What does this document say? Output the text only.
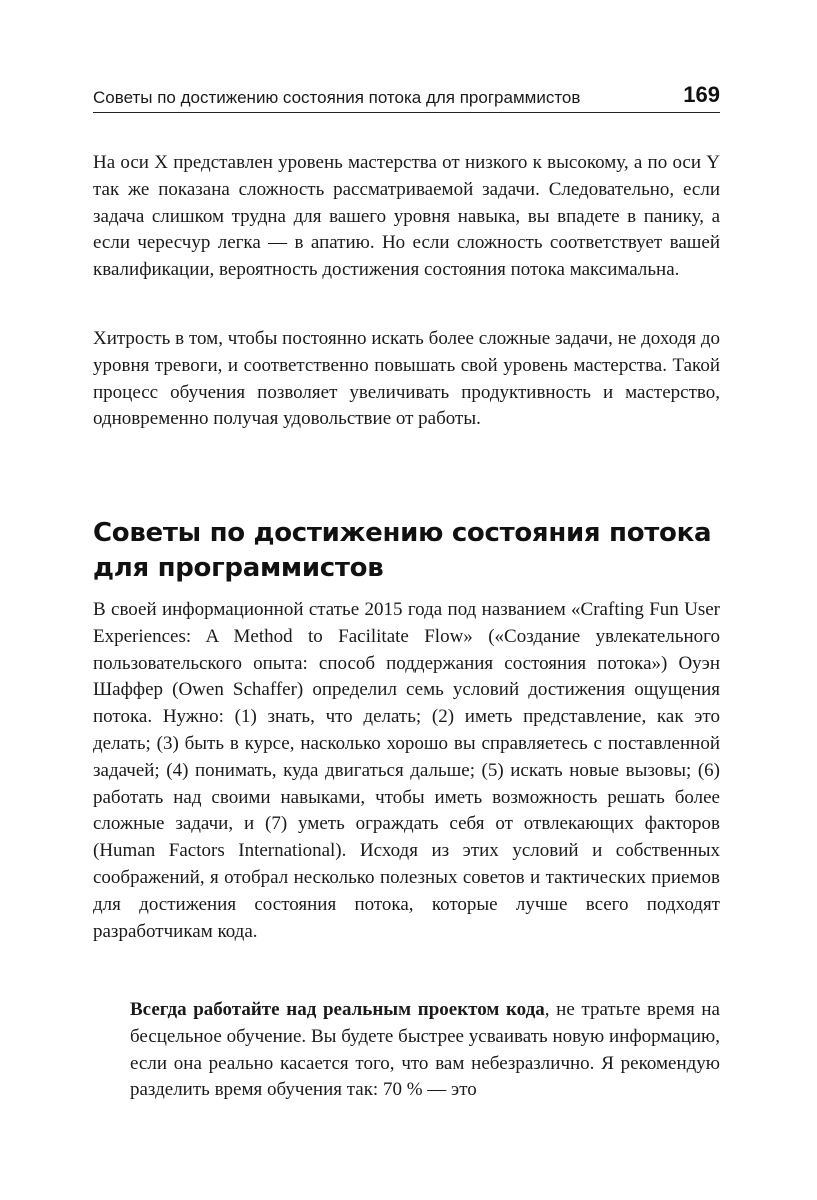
Советы по достижению состояния потока для программистов	169

На оси X представлен уровень мастерства от низкого к высокому, а по оси Y так же показана сложность рассматриваемой задачи. Следовательно, если задача слишком трудна для вашего уровня навыка, вы впадете в панику, а если чересчур легка — в апатию. Но если сложность соответствует вашей квалификации, вероятность достижения состояния потока максимальна.

Хитрость в том, чтобы постоянно искать более сложные задачи, не доходя до уровня тревоги, и соответственно повышать свой уровень мастерства. Такой процесс обучения позволяет увеличивать продуктивность и мастерство, одновременно получая удовольствие от работы.

Советы по достижению состояния потока для программистов

В своей информационной статье 2015 года под названием «Crafting Fun User Experiences: A Method to Facilitate Flow» («Создание увлекательного пользовательского опыта: способ поддержания состояния потока») Оуэн Шаффер (Owen Schaffer) определил семь условий достижения ощущения потока. Нужно: (1) знать, что делать; (2) иметь представление, как это делать; (3) быть в курсе, насколько хорошо вы справляетесь с поставленной задачей; (4) понимать, куда двигаться дальше; (5) искать новые вызовы; (6) работать над своими навыками, чтобы иметь возможность решать более сложные задачи, и (7) уметь ограждать себя от отвлекающих факторов (Human Factors International). Исходя из этих условий и собственных соображений, я отобрал несколько полезных советов и тактических приемов для достижения состояния потока, которые лучше всего подходят разработчикам кода.

Всегда работайте над реальным проектом кода, не тратьте время на бесцельное обучение. Вы будете быстрее усваивать новую информацию, если она реально касается того, что вам небезразлично. Я рекомендую разделить время обучения так: 70 % — это
